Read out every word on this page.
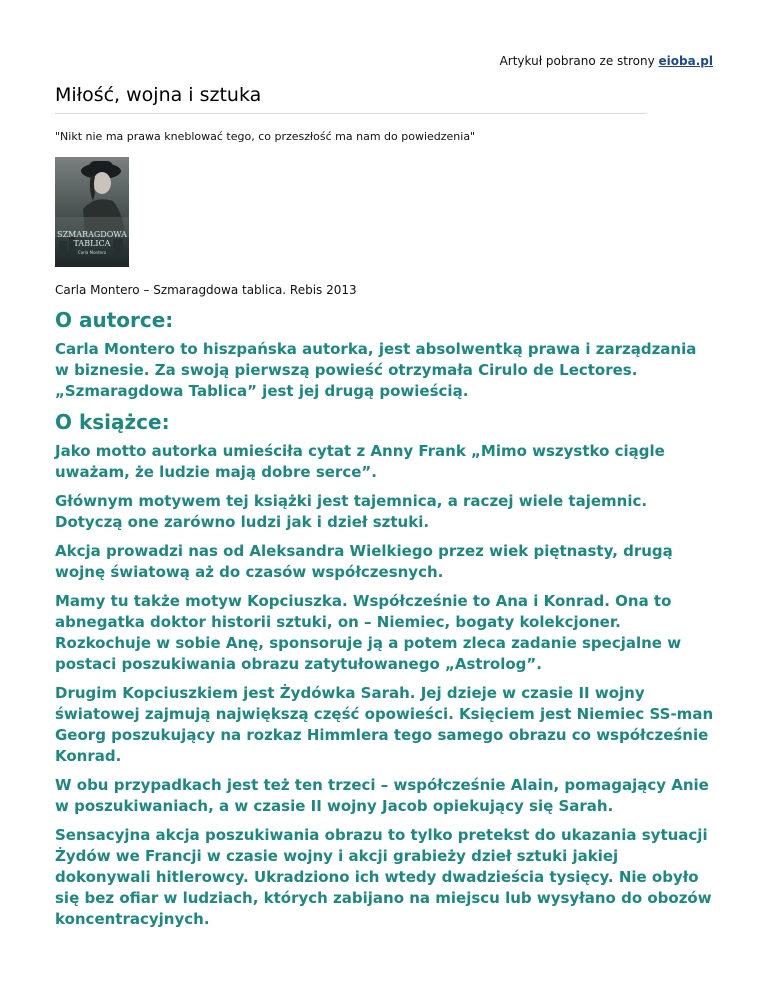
Artykuł pobrano ze strony eioba.pl
Miłość, wojna i sztuka
"Nikt nie ma prawa kneblować tego, co przeszłość ma nam do powiedzenia"
SZMARAGDOWA
TABLICA
Carla Montero
Carla Montero – Szmaragdowa tablica. Rebis 2013
O autorce:

Carla Montero to hiszpańska autorka, jest absolwentką prawa i zarządzania w biznesie. Za swoją pierwszą powieść otrzymała Cirulo de Lectores. „Szmaragdowa Tablica” jest jej drugą powieścią.

O książce:

Jako motto autorka umieściła cytat z Anny Frank „Mimo wszystko ciągle uważam, że ludzie mają dobre serce”.

Głównym motywem tej książki jest tajemnica, a raczej wiele tajemnic. Dotyczą one zarówno ludzi jak i dzieł sztuki.

Akcja prowadzi nas od Aleksandra Wielkiego przez wiek piętnasty, drugą wojnę światową aż do czasów współczesnych.

Mamy tu także motyw Kopciuszka. Współcześnie to Ana i Konrad. Ona to abnegatka doktor historii sztuki, on – Niemiec, bogaty kolekcjoner. Rozkochuje w sobie Anę, sponsoruje ją a potem zleca zadanie specjalne w postaci poszukiwania obrazu zatytułowanego „Astrolog”.

Drugim Kopciuszkiem jest Żydówka Sarah. Jej dzieje w czasie II wojny światowej zajmują największą część opowieści. Księciem jest Niemiec SS-man Georg poszukujący na rozkaz Himmlera tego samego obrazu co współcześnie Konrad.

W obu przypadkach jest też ten trzeci – współcześnie Alain, pomagający Anie w poszukiwaniach, a w czasie II wojny Jacob opiekujący się Sarah.

Sensacyjna akcja poszukiwania obrazu to tylko pretekst do ukazania sytuacji Żydów we Francji w czasie wojny i akcji grabieży dzieł sztuki jakiej dokonywali hitlerowcy. Ukradziono ich wtedy dwadzieścia tysięcy. Nie obyło się bez ofiar w ludziach, których zabijano na miejscu lub wysyłano do obozów koncentracyjnych.
